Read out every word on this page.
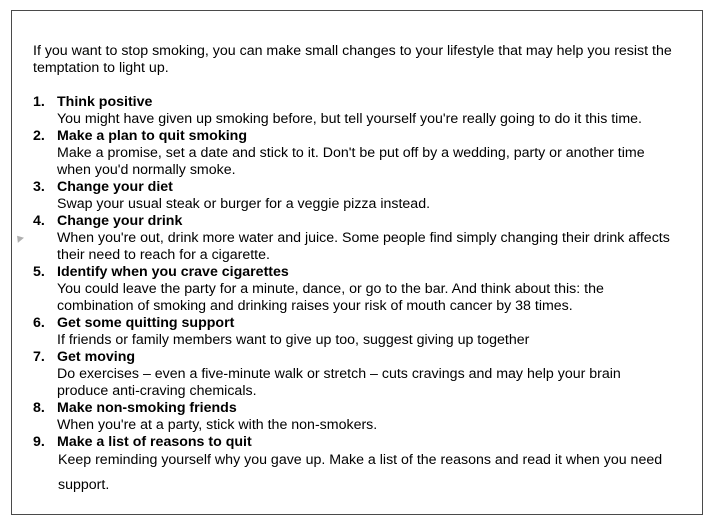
If you want to stop smoking, you can make small changes to your lifestyle that may help you resist the temptation to light up.

1. Think positive
You might have given up smoking before, but tell yourself you're really going to do it this time.
2. Make a plan to quit smoking
Make a promise, set a date and stick to it. Don't be put off by a wedding, party or another time when you'd normally smoke.
3. Change your diet
Swap your usual steak or burger for a veggie pizza instead.
4. Change your drink
When you're out, drink more water and juice. Some people find simply changing their drink affects their need to reach for a cigarette.
5. Identify when you crave cigarettes
You could leave the party for a minute, dance, or go to the bar. And think about this: the combination of smoking and drinking raises your risk of mouth cancer by 38 times.
6. Get some quitting support
If friends or family members want to give up too, suggest giving up together
7. Get moving
Do exercises – even a five-minute walk or stretch – cuts cravings and may help your brain produce anti-craving chemicals.
8. Make non-smoking friends
When you're at a party, stick with the non-smokers.
9. Make a list of reasons to quit
Keep reminding yourself why you gave up. Make a list of the reasons and read it when you need support.
